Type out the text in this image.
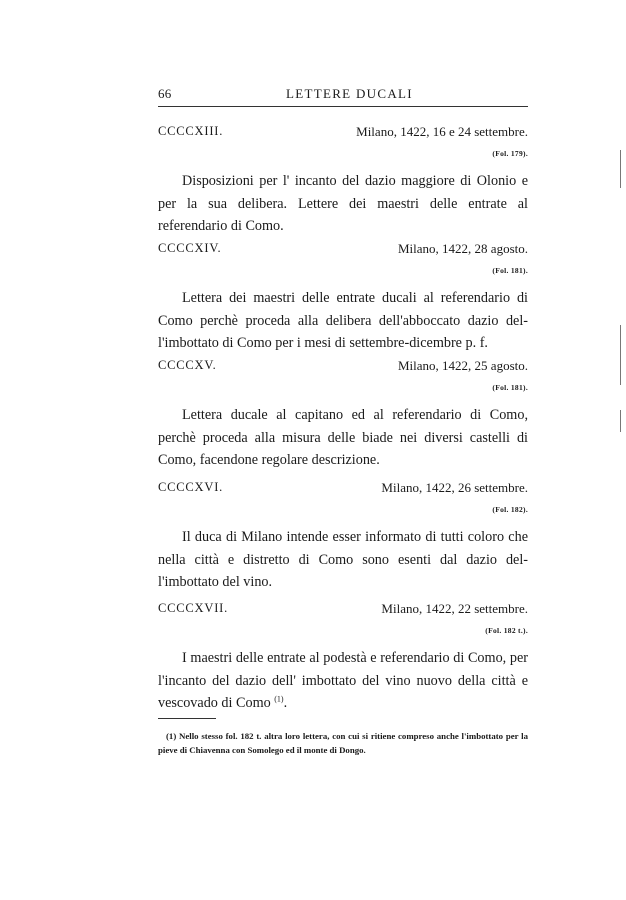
66	LETTERE DUCALI
CCCCXIII.	Milano, 1422, 16 e 24 settembre.
(Fol. 179).

Disposizioni per l' incanto del dazio maggiore di Olonio e per la sua delibera. Lettere dei maestri delle entrate al referendario di Como.

CCCCXIV.	Milano, 1422, 28 agosto.
(Fol. 181).

Lettera dei maestri delle entrate ducali al referendario di Como perchè proceda alla delibera dell'abboccato dazio del-l'imbottato di Como per i mesi di settembre-dicembre p. f.

CCCCXV.	Milano, 1422, 25 agosto.
(Fol. 181).

Lettera ducale al capitano ed al referendario di Como, perchè proceda alla misura delle biade nei diversi castelli di Como, facendone regolare descrizione.

CCCCXVI.	Milano, 1422, 26 settembre.
(Fol. 182).

Il duca di Milano intende esser informato di tutti coloro che nella città e distretto di Como sono esenti dal dazio del-l'imbottato del vino.

CCCCXVII.	Milano, 1422, 22 settembre.
(Fol. 182 t.).

I maestri delle entrate al podestà e referendario di Como, per l'incanto del dazio dell' imbottato del vino nuovo della città e vescovado di Como $^{(1)}$.

(1) Nello stesso fol. 182 t. altra loro lettera, con cui si ritiene compreso anche l'imbottato per la pieve di Chiavenna con Somolego ed il monte di Dongo.
